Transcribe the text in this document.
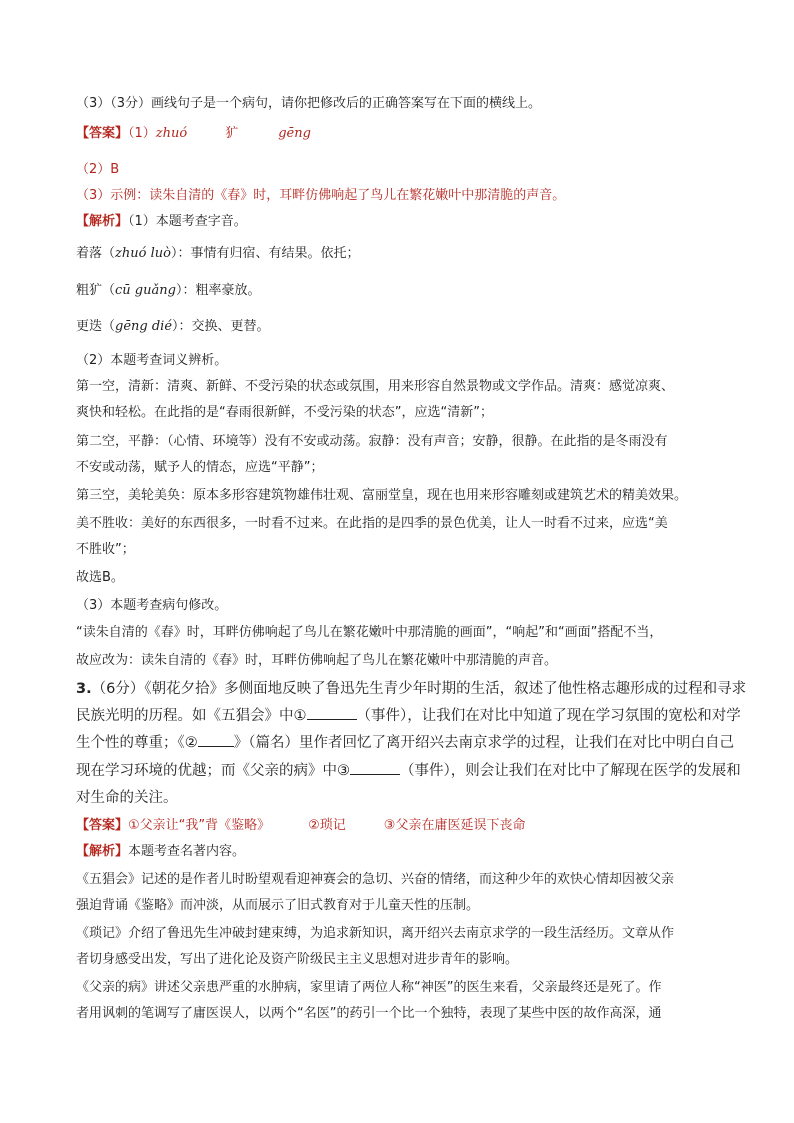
（3）（3分）画线句子是一个病句，请你把修改后的正确答案写在下面的横线上。
【答案】（1）zhuó	犷	gēng
（2）B
（3）示例：读朱自清的《春》时，耳畔仿佛响起了鸟儿在繁花嫩叶中那清脆的声音。
【解析】（1）本题考查字音。
着落（zhuó luò）：事情有归宿、有结果。依托；
粗犷（cū guǎng）：粗率豪放。
更迭（gēng dié）：交换、更替。
（2）本题考查词义辨析。
第一空，清新：清爽、新鲜、不受污染的状态或氛围，用来形容自然景物或文学作品。清爽：感觉凉爽、
爽快和轻松。在此指的是“春雨很新鲜，不受污染的状态”，应选“清新”；
第二空，平静：（心情、环境等）没有不安或动荡。寂静：没有声音；安静，很静。在此指的是冬雨没有
不安或动荡，赋予人的情态，应选“平静”；
第三空，美轮美奂：原本多形容建筑物雄伟壮观、富丽堂皇，现在也用来形容雕刻或建筑艺术的精美效果。
美不胜收：美好的东西很多，一时看不过来。在此指的是四季的景色优美，让人一时看不过来，应选“美
不胜收”；
故选B。
（3）本题考查病句修改。
“读朱自清的《春》时，耳畔仿佛响起了鸟儿在繁花嫩叶中那清脆的画面”，“响起”和“画面”搭配不当，
故应改为：读朱自清的《春》时，耳畔仿佛响起了鸟儿在繁花嫩叶中那清脆的声音。
3.（6分）《朝花夕拾》多侧面地反映了鲁迅先生青少年时期的生活，叙述了他性格志趣形成的过程和寻求
民族光明的历程。如《五猖会》中①	（事件），让我们在对比中知道了现在学习氛围的宽松和对学
生个性的尊重；《② 》（篇名）里作者回忆了离开绍兴去南京求学的过程，让我们在对比中明白自己
现在学习环境的优越；而《父亲的病》中③	（事件），则会让我们在对比中了解现在医学的发展和
对生命的关注。
【答案】①父亲让“我”背《鉴略》	②琐记	③父亲在庸医延误下丧命
【解析】本题考查名著内容。
《五猖会》记述的是作者儿时盼望观看迎神赛会的急切、兴奋的情绪，而这种少年的欢快心情却因被父亲
强迫背诵《鉴略》而冲淡，从而展示了旧式教育对于儿童天性的压制。
《琐记》介绍了鲁迅先生冲破封建束缚，为追求新知识，离开绍兴去南京求学的一段生活经历。文章从作
者切身感受出发，写出了进化论及资产阶级民主主义思想对进步青年的影响。
《父亲的病》讲述父亲患严重的水肿病，家里请了两位人称“神医”的医生来看，父亲最终还是死了。作
者用讽刺的笔调写了庸医误人，以两个“名医”的药引一个比一个独特，表现了某些中医的故作高深，通
